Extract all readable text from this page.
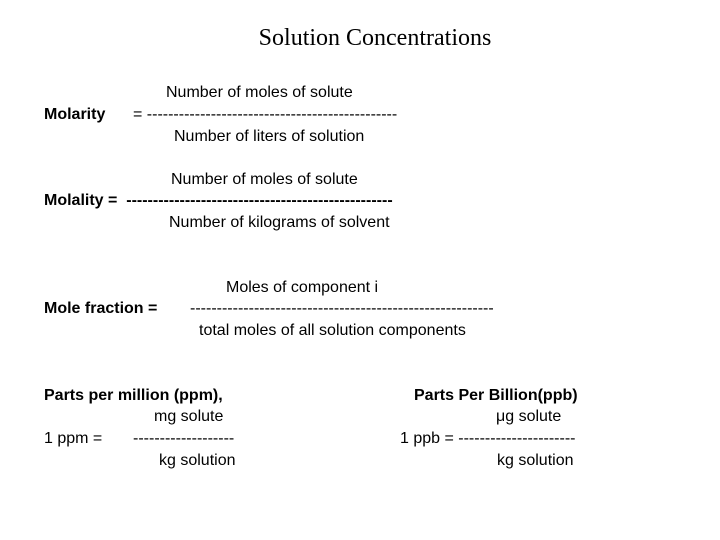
Solution Concentrations
Number of moles of solute
Molarity = -----------------------------------------------
Number of liters of solution
Number of moles of solute
Molality =  --------------------------------------------------
Number of kilograms of solvent
Moles of component i
Mole fraction = ---------------------------------------------------------
total moles of all solution components
Parts per million (ppm),
mg solute
1 ppm = -------------------
kg solution
Parts Per Billion(ppb)
μg solute
1 ppb = ----------------------
kg solution
